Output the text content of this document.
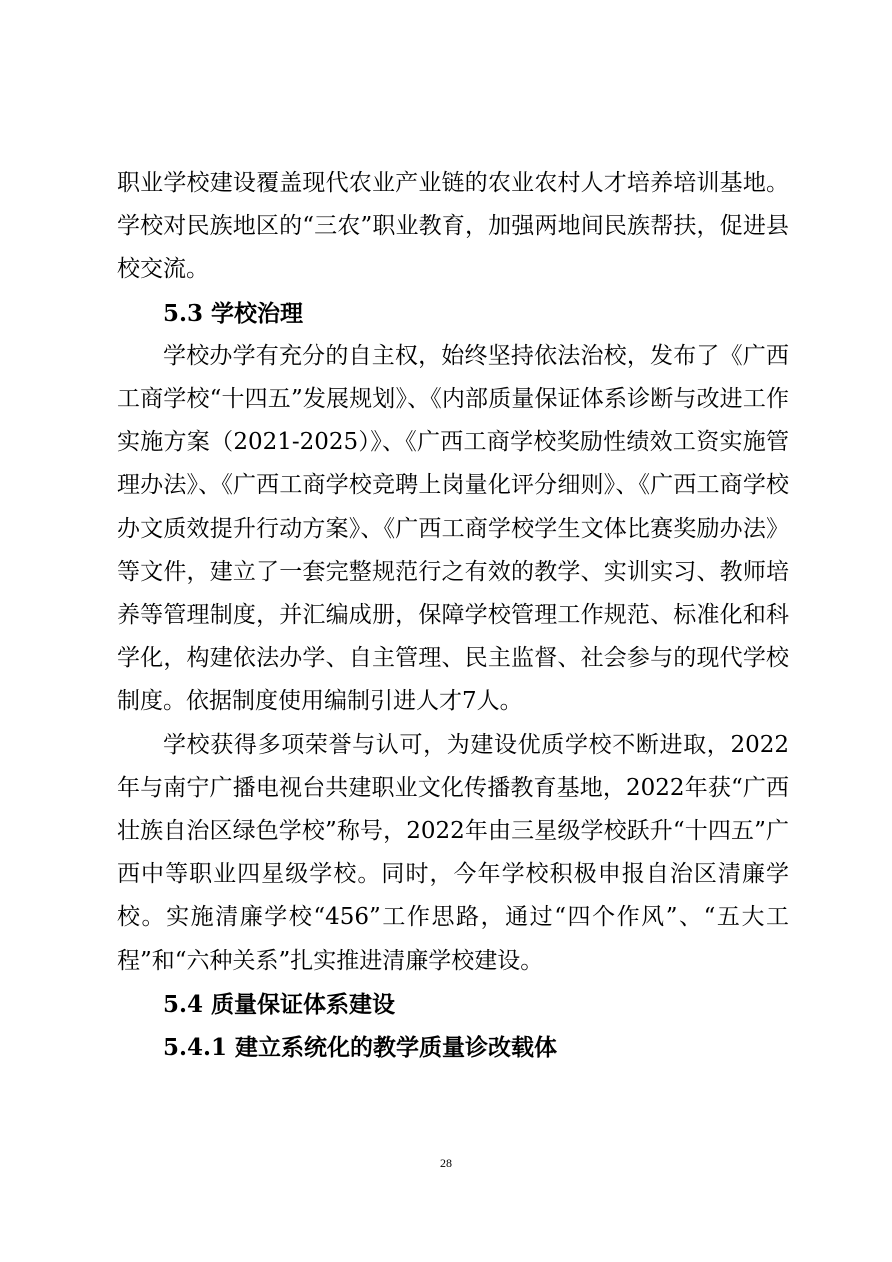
职业学校建设覆盖现代农业产业链的农业农村人才培养培训基地。学校对民族地区的“三农”职业教育，加强两地间民族帮扶，促进县校交流。

5.3 学校治理

学校办学有充分的自主权，始终坚持依法治校，发布了《广西工商学校“十四五”发展规划》、《内部质量保证体系诊断与改进工作实施方案（2021-2025）》、《广西工商学校奖励性绩效工资实施管理办法》、《广西工商学校竞聘上岗量化评分细则》、《广西工商学校办文质效提升行动方案》、《广西工商学校学生文体比赛奖励办法》等文件，建立了一套完整规范行之有效的教学、实训实习、教师培养等管理制度，并汇编成册，保障学校管理工作规范、标准化和科学化，构建依法办学、自主管理、民主监督、社会参与的现代学校制度。依据制度使用编制引进人才7人。

学校获得多项荣誉与认可，为建设优质学校不断进取，2022年与南宁广播电视台共建职业文化传播教育基地，2022年获“广西壮族自治区绿色学校”称号，2022年由三星级学校跃升“十四五”广西中等职业四星级学校。同时，今年学校积极申报自治区清廉学校。实施清廉学校“456”工作思路，通过“四个作风”、“五大工程”和“六种关系”扎实推进清廉学校建设。

5.4 质量保证体系建设

5.4.1 建立系统化的教学质量诊改载体

28
